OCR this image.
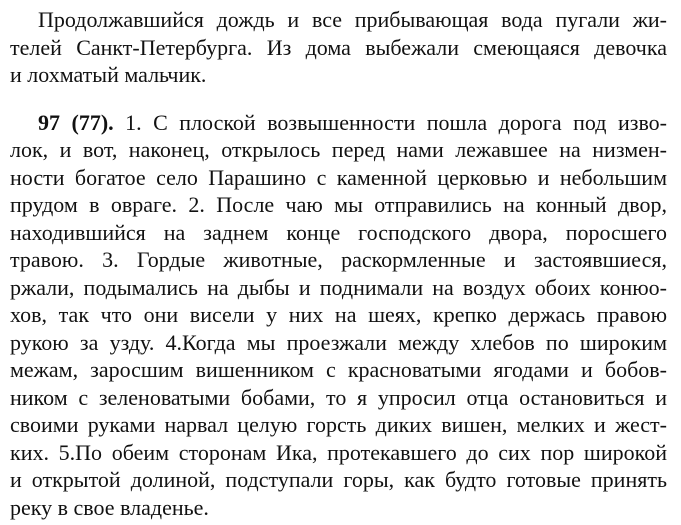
Продолжавшийся дождь и все прибывающая вода пугали жи-
телей Санкт-Петербурга. Из дома выбежали смеющаяся девочка
и лохматый мальчик.

97 (77). 1. С плоской возвышенности пошла дорога под изво-
лок, и вот, наконец, открылось перед нами лежавшее на низмен-
ности богатое село Парашино с каменной церковью и небольшим
прудом в овраге. 2. После чаю мы отправились на конный двор,
находившийся на заднем конце господского двора, поросшего
травою. 3. Гордые животные, раскормленные и застоявшиеся,
ржали, подымались на дыбы и поднимали на воздух обоих конюо-
хов, так что они висели у них на шеях, крепко держась правою
рукою за узду. 4.Когда мы проезжали между хлебов по широким
межам, заросшим вишенником с красноватыми ягодами и бобов-
ником с зеленоватыми бобами, то я упросил отца остановиться и
своими руками нарвал целую горсть диких вишен, мелких и жест-
ких. 5.По обеим сторонам Ика, протекавшего до сих пор широкой
и открытой долиной, подступали горы, как будто готовые принять
реку в свое владенье.
